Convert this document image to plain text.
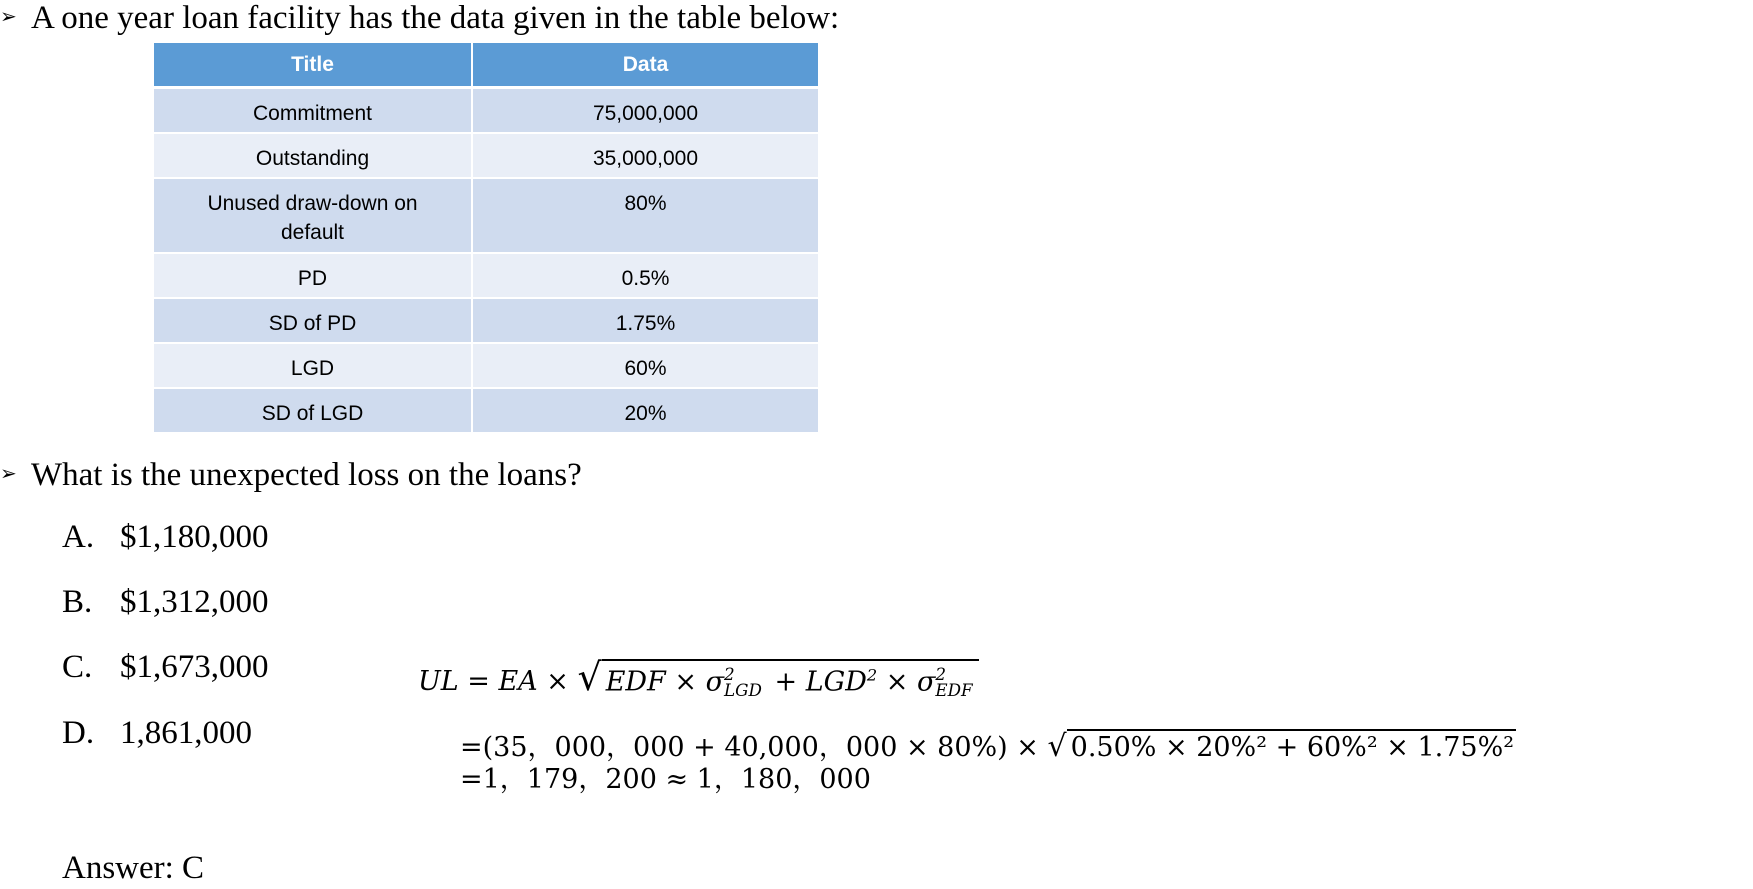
➢ A one year loan facility has the data given in the table below:
Title	Data
Commitment	75,000,000
Outstanding	35,000,000
Unused draw-down on default	80%
PD	0.5%
SD of PD	1.75%
LGD	60%
SD of LGD	20%
➢ What is the unexpected loss on the loans?
A. $1,180,000
B. $1,312,000
C. $1,673,000
D. 1,861,000
UL = EA × √ EDF × σ 2
LGD + $LGD^2 \times \sigma$ 2
EDF
=(35，000，000 + 40,000，000 × 80%) × √ 0.50% × 20%² + 60%² × 1.75%²
=1，179，200 ≈ 1，180，000
Answer: C
